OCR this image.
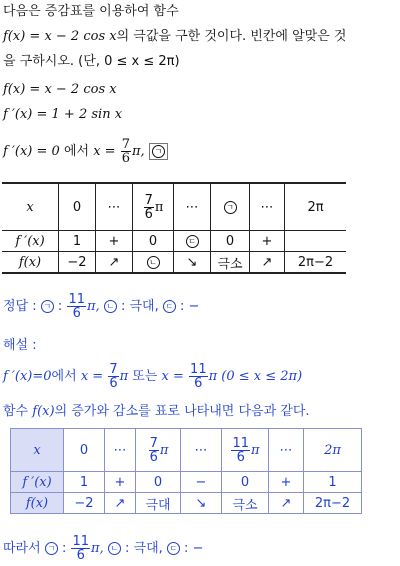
다음은 증감표를 이용하여 함수
f(x) = x − 2 cos x의 극값을 구한 것이다. 빈칸에 알맞은 것
을 구하시오. (단, 0 ≤ x ≤ 2π)
f(x) = x − 2 cos x
f ′(x) = 1 + 2 sin x
f ′(x) = 0 에서 $x = \frac{7}{6} \pi$, ㄱ
x	0	⋯	$\frac{7}{6}$ π	⋯	ㄱ	⋯	2π
f ′(x)	1	+	0	ㄷ	0	+	
f(x)	−2	↗	ㄴ	↘	극소	↗	2π−2
정답 : ㄱ : $\frac{11}{6} \pi$, ㄴ : 극대, ㄷ : −
해설 :
f ′(x)=0에서 $x = \frac{7}{6}$ π 또는 $x = \frac{11}{6}$ π (0 ≤ x ≤ 2π)
함수 f(x)의 증가와 감소를 표로 나타내면 다음과 같다.
x	0	⋯	$\frac{7}{6}$ π	⋯	$\frac{11}{6}$ π	⋯	2π
f ′(x)	1	+	0	−	0	+	1
f(x)	−2	↗	극대	↘	극소	↗	2π−2
따라서 ㄱ : $\frac{11}{6} \pi$, ㄴ : 극대, ㄷ : −
